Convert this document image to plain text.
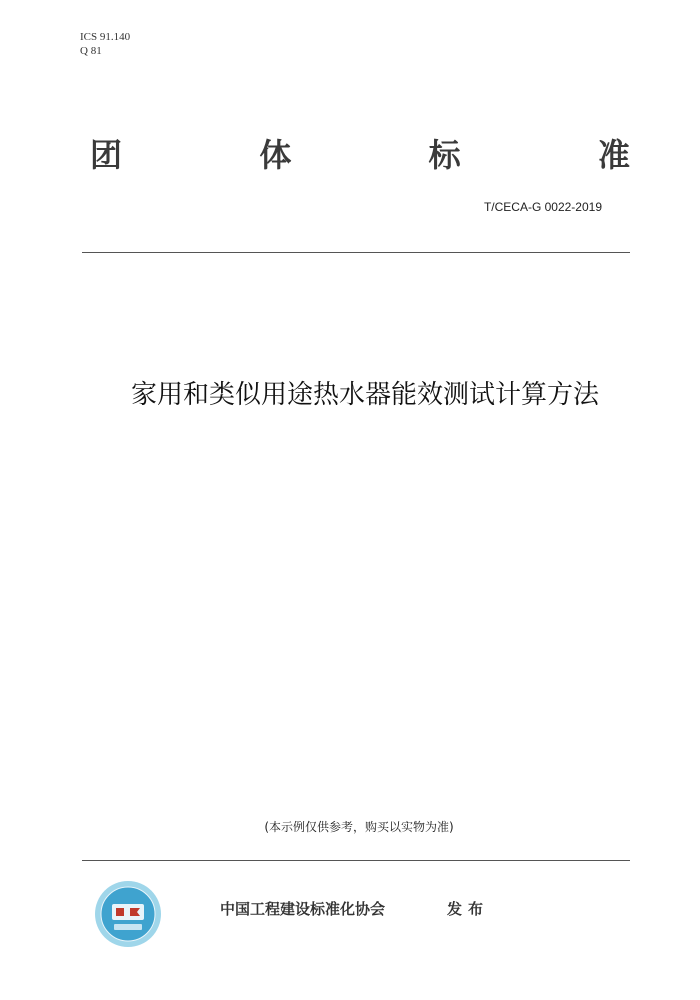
ICS 91.140
Q 81
团	体	标	准
T/CECA-G 0022-2019
家用和类似用途热水器能效测试计算方法
(本示例仅供参考，购买以实物为准)
中国工程建设标准化协会	发布
